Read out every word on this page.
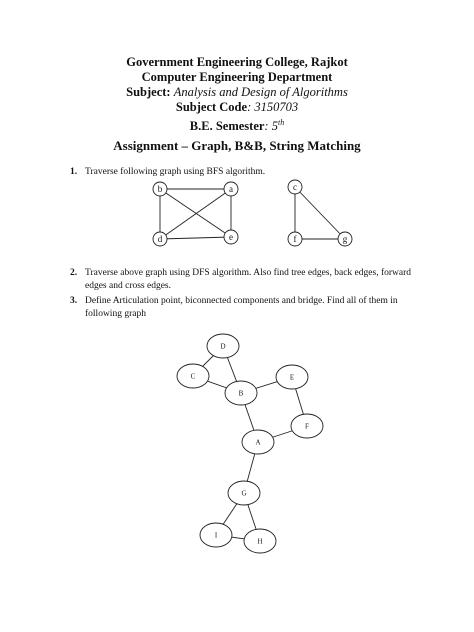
Government Engineering College, Rajkot
Computer Engineering Department
Subject: Analysis and Design of Algorithms
Subject Code: 3150703
B.E. Semester: 5th
Assignment – Graph, B&B, String Matching
1. Traverse following graph using BFS algorithm.
b	a	c
d	e	f	g
2. Traverse above graph using DFS algorithm. Also find tree edges, back edges, forward edges and cross edges.
3. Define Articulation point, biconnected components and bridge. Find all of them in following graph
D
C
B
E
F
A
G
I
H
